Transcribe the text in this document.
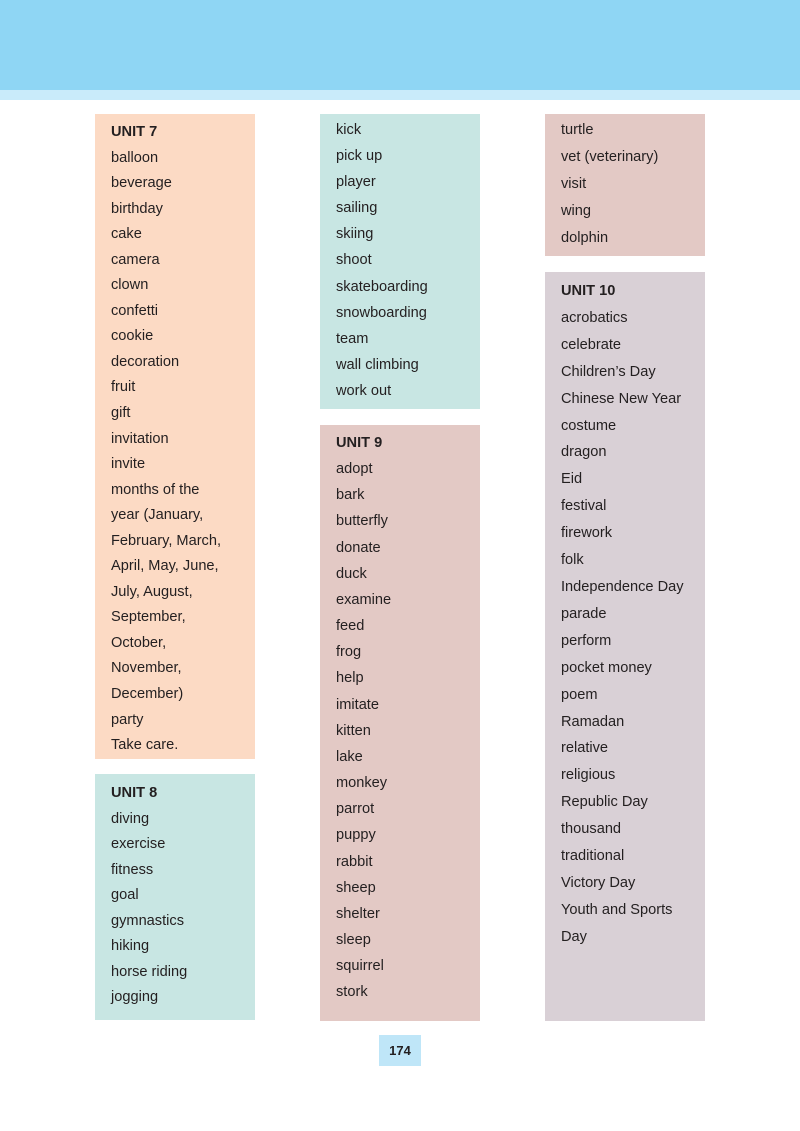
UNIT 7
balloon
beverage
birthday
cake
camera
clown
confetti
cookie
decoration
fruit
gift
invitation
invite
months of the
year (January,
February, March,
April, May, June,
July, August,
September,
October,
November,
December)
party
Take care.
UNIT 8
diving
exercise
fitness
goal
gymnastics
hiking
horse riding
jogging
kick
pick up
player
sailing
skiing
shoot
skateboarding
snowboarding
team
wall climbing
work out
UNIT 9
adopt
bark
butterfly
donate
duck
examine
feed
frog
help
imitate
kitten
lake
monkey
parrot
puppy
rabbit
sheep
shelter
sleep
squirrel
stork
turtle
vet (veterinary)
visit
wing
dolphin
UNIT 10
acrobatics
celebrate
Children’s Day
Chinese New Year
costume
dragon
Eid
festival
firework
folk
Independence Day
parade
perform
pocket money
poem
Ramadan
relative
religious
Republic Day
thousand
traditional
Victory Day
Youth and Sports
Day
174
